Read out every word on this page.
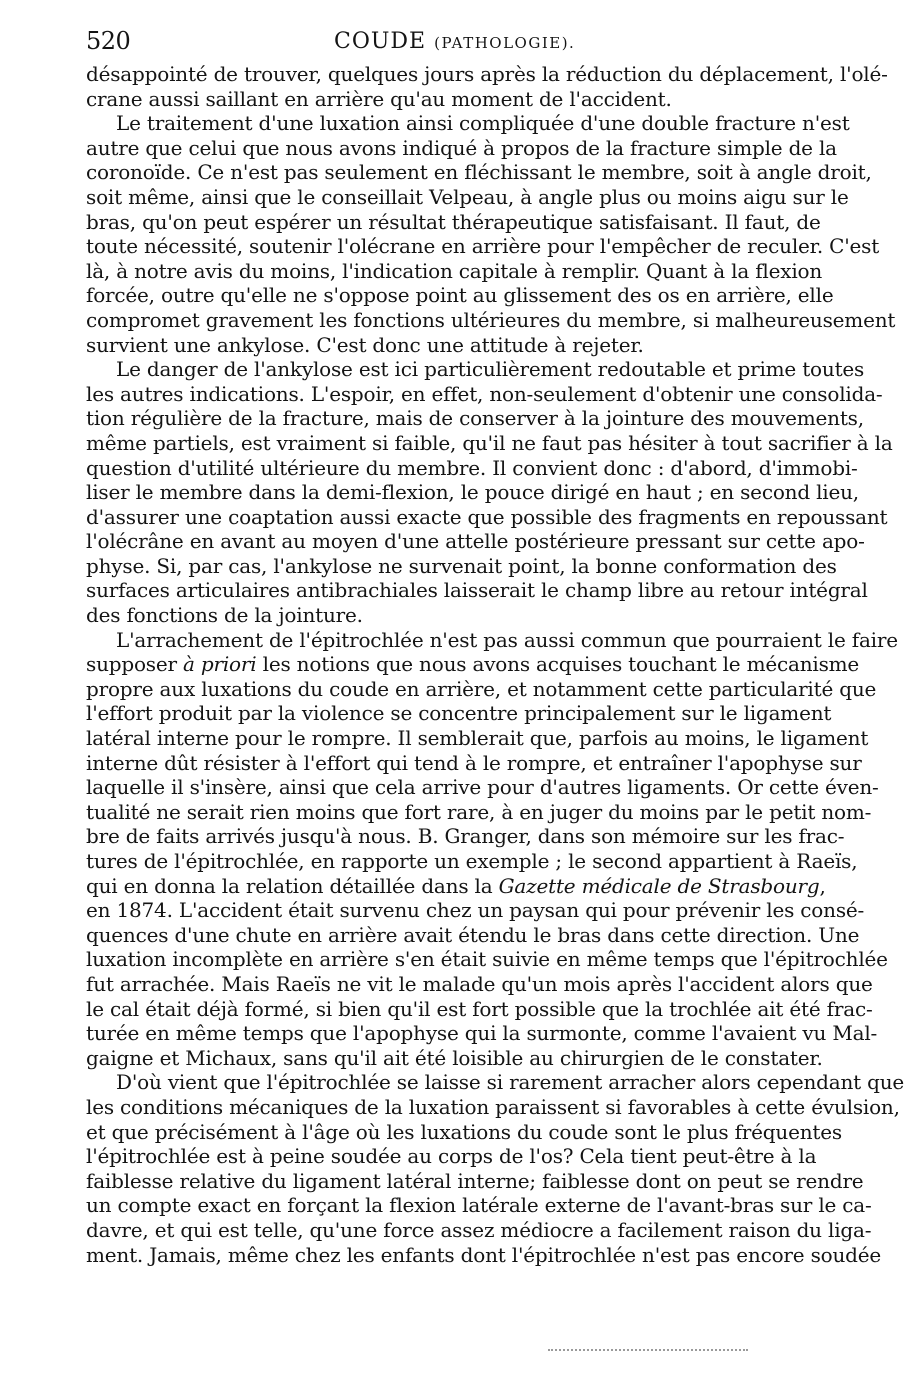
520	COUDE (PATHOLOGIE).
désappointé de trouver, quelques jours après la réduction du déplacement, l'olé-
crane aussi saillant en arrière qu'au moment de l'accident.
Le traitement d'une luxation ainsi compliquée d'une double fracture n'est
autre que celui que nous avons indiqué à propos de la fracture simple de la
coronoïde. Ce n'est pas seulement en fléchissant le membre, soit à angle droit,
soit même, ainsi que le conseillait Velpeau, à angle plus ou moins aigu sur le
bras, qu'on peut espérer un résultat thérapeutique satisfaisant. Il faut, de
toute nécessité, soutenir l'olécrane en arrière pour l'empêcher de reculer. C'est
là, à notre avis du moins, l'indication capitale à remplir. Quant à la flexion
forcée, outre qu'elle ne s'oppose point au glissement des os en arrière, elle
compromet gravement les fonctions ultérieures du membre, si malheureusement
survient une ankylose. C'est donc une attitude à rejeter.
Le danger de l'ankylose est ici particulièrement redoutable et prime toutes
les autres indications. L'espoir, en effet, non-seulement d'obtenir une consolida-
tion régulière de la fracture, mais de conserver à la jointure des mouvements,
même partiels, est vraiment si faible, qu'il ne faut pas hésiter à tout sacrifier à la
question d'utilité ultérieure du membre. Il convient donc : d'abord, d'immobi-
liser le membre dans la demi-flexion, le pouce dirigé en haut ; en second lieu,
d'assurer une coaptation aussi exacte que possible des fragments en repoussant
l'olécrâne en avant au moyen d'une attelle postérieure pressant sur cette apo-
physe. Si, par cas, l'ankylose ne survenait point, la bonne conformation des
surfaces articulaires antibrachiales laisserait le champ libre au retour intégral
des fonctions de la jointure.
L'arrachement de l'épitrochlée n'est pas aussi commun que pourraient le faire
supposer à priori les notions que nous avons acquises touchant le mécanisme
propre aux luxations du coude en arrière, et notamment cette particularité que
l'effort produit par la violence se concentre principalement sur le ligament
latéral interne pour le rompre. Il semblerait que, parfois au moins, le ligament
interne dût résister à l'effort qui tend à le rompre, et entraîner l'apophyse sur
laquelle il s'insère, ainsi que cela arrive pour d'autres ligaments. Or cette éven-
tualité ne serait rien moins que fort rare, à en juger du moins par le petit nom-
bre de faits arrivés jusqu'à nous. B. Granger, dans son mémoire sur les frac-
tures de l'épitrochlée, en rapporte un exemple ; le second appartient à Raeïs,
qui en donna la relation détaillée dans la Gazette médicale de Strasbourg,
en 1874. L'accident était survenu chez un paysan qui pour prévenir les consé-
quences d'une chute en arrière avait étendu le bras dans cette direction. Une
luxation incomplète en arrière s'en était suivie en même temps que l'épitrochlée
fut arrachée. Mais Raeïs ne vit le malade qu'un mois après l'accident alors que
le cal était déjà formé, si bien qu'il est fort possible que la trochlée ait été frac-
turée en même temps que l'apophyse qui la surmonte, comme l'avaient vu Mal-
gaigne et Michaux, sans qu'il ait été loisible au chirurgien de le constater.
D'où vient que l'épitrochlée se laisse si rarement arracher alors cependant que
les conditions mécaniques de la luxation paraissent si favorables à cette évulsion,
et que précisément à l'âge où les luxations du coude sont le plus fréquentes
l'épitrochlée est à peine soudée au corps de l'os? Cela tient peut-être à la
faiblesse relative du ligament latéral interne; faiblesse dont on peut se rendre
un compte exact en forçant la flexion latérale externe de l'avant-bras sur le ca-
davre, et qui est telle, qu'une force assez médiocre a facilement raison du liga-
ment. Jamais, même chez les enfants dont l'épitrochlée n'est pas encore soudée
